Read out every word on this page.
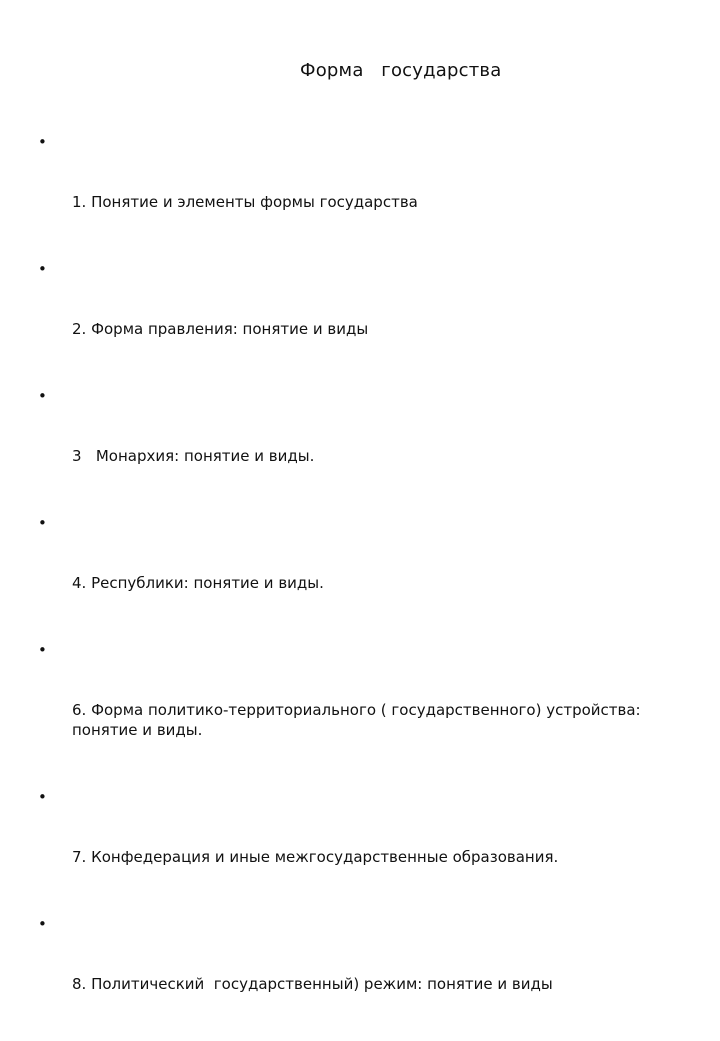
Форма   государства

•

1. Понятие и элементы формы государства

•

2. Форма правления: понятие и виды

•

3   Монархия: понятие и виды.

•

4. Республики: понятие и виды.

•

6. Форма политико-территориального ( государственного) устройства: понятие и виды.

•

7. Конфедерация и иные межгосударственные образования.

•

8. Политический  государственный) режим: понятие и виды
